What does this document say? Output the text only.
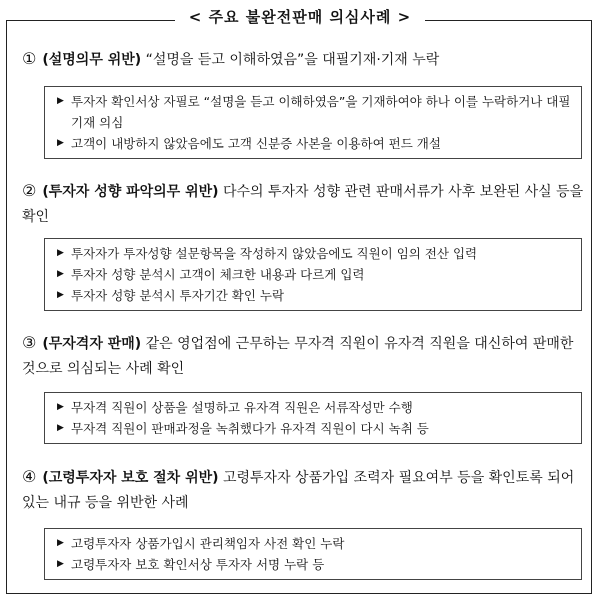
< 주요 불완전판매 의심사례 >
① (설명의무 위반) “설명을 듣고 이해하였음”을 대필기재·기재 누락
▶ 투자자 확인서상 자필로 “설명을 듣고 이해하였음”을 기재하여야 하나 이를 누락하거나 대필 기재 의심
▶ 고객이 내방하지 않았음에도 고객 신분증 사본을 이용하여 펀드 개설
② (투자자 성향 파악의무 위반) 다수의 투자자 성향 관련 판매서류가 사후 보완된 사실 등을 확인
▶ 투자자가 투자성향 설문항목을 작성하지 않았음에도 직원이 임의 전산 입력
▶ 투자자 성향 분석시 고객이 체크한 내용과 다르게 입력
▶ 투자자 성향 분석시 투자기간 확인 누락
③ (무자격자 판매) 같은 영업점에 근무하는 무자격 직원이 유자격 직원을 대신하여 판매한 것으로 의심되는 사례 확인
▶ 무자격 직원이 상품을 설명하고 유자격 직원은 서류작성만 수행
▶ 무자격 직원이 판매과정을 녹취했다가 유자격 직원이 다시 녹취 등
④ (고령투자자 보호 절차 위반) 고령투자자 상품가입 조력자 필요여부 등을 확인토록 되어있는 내규 등을 위반한 사례
▶ 고령투자자 상품가입시 관리책임자 사전 확인 누락
▶ 고령투자자 보호 확인서상 투자자 서명 누락 등
